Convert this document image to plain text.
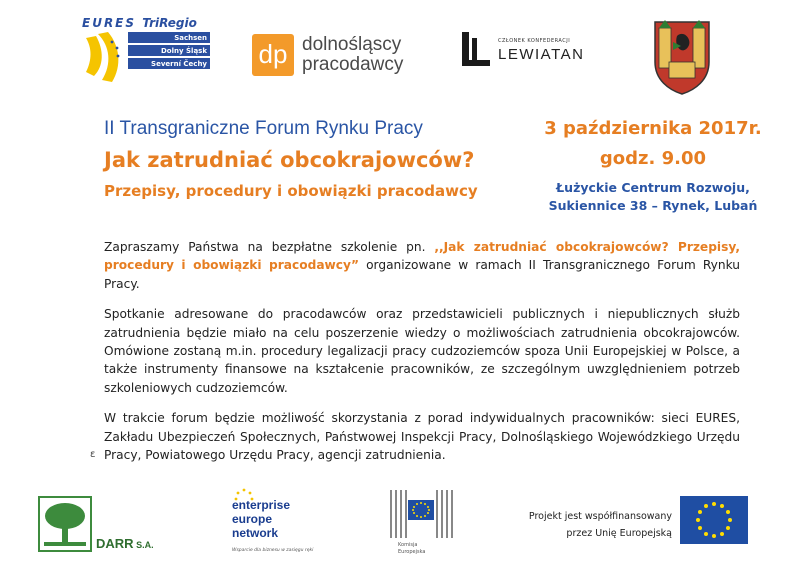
EURES TriRegio
Sachsen
Dolny Śląsk
Severní Čechy dp dolnośląscy
pracodawcy
CZŁONEK KONFEDERACJI
LEWIATAN
II Transgraniczne Forum Rynku Pracy
Jak zatrudniać obcokrajowców?
Przepisy, procedury i obowiązki pracodawcy
3 października 2017r.
godz. 9.00
Łużyckie Centrum Rozwoju,
Sukiennice 38 – Rynek, Lubań

Zapraszamy Państwa na bezpłatne szkolenie pn. ,,Jak zatrudniać obcokrajowców? Przepisy, procedury i obowiązki pracodawcy” organizowane w ramach II Transgranicznego Forum Rynku Pracy.

Spotkanie adresowane do pracodawców oraz przedstawicieli publicznych i niepublicznych służb zatrudnienia będzie miało na celu poszerzenie wiedzy o możliwościach zatrudnienia obcokrajowców. Omówione zostaną m.in. procedury legalizacji pracy cudzoziemców spoza Unii Europejskiej w Polsce, a także instrumenty finansowe na kształcenie pracowników, ze szczególnym uwzględnieniem potrzeb szkoleniowych cudzoziemców.

W trakcie forum będzie możliwość skorzystania z porad indywidualnych pracowników: sieci EURES, Zakładu Ubezpieczeń Społecznych, Państwowej Inspekcji Pracy, Dolnośląskiego Wojewódzkiego Urzędu Pracy, Powiatowego Urzędu Pracy, agencji zatrudnienia.

ɛ
DARR S.A.
enterprise
europe
network
Wsparcie dla biznesu w zasięgu ręki
Komisja
Europejska
Projekt jest współfinansowany
przez Unię Europejską
